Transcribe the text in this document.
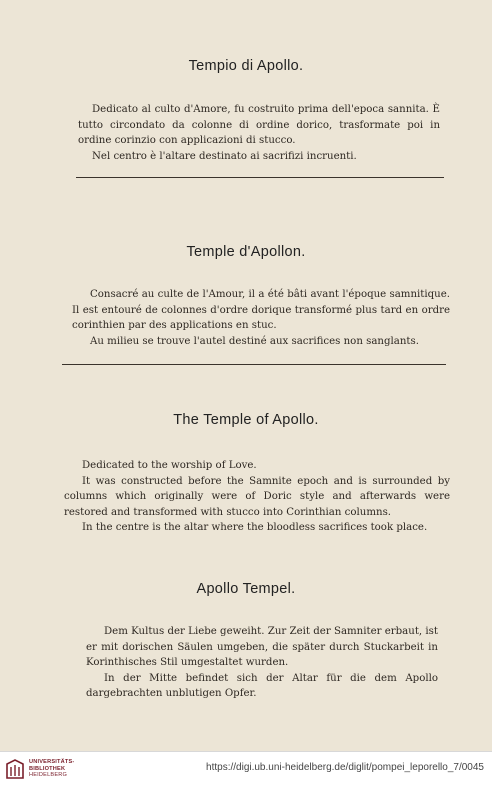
Tempio di Apollo.

Dedicato al culto d'Amore, fu costruito prima dell'epoca sannita. È tutto circondato da colonne di ordine dorico, trasformate poi in ordine corinzio con applicazioni di stucco.

Nel centro è l'altare destinato ai sacrifizi incruenti.

Temple d'Apollon.

Consacré au culte de l'Amour, il a été bâti avant l'époque samnitique. Il est entouré de colonnes d'ordre dorique transformé plus tard en ordre corinthien par des applications en stuc.

Au milieu se trouve l'autel destiné aux sacrifices non sanglants.

The Temple of Apollo.

Dedicated to the worship of Love.

It was constructed before the Samnite epoch and is surrounded by columns which originally were of Doric style and afterwards were restored and transformed with stucco into Corinthian columns.

In the centre is the altar where the bloodless sacrifices took place.

Apollo Tempel.

Dem Kultus der Liebe geweiht. Zur Zeit der Samniter erbaut, ist er mit dorischen Säulen umgeben, die später durch Stuckarbeit in Korinthisches Stil umgestaltet wurden.

In der Mitte befindet sich der Altar für die dem Apollo dargebrachten unblutigen Opfer.

UNIVERSITÄTS-
BIBLIOTHEK
HEIDELBERG
https://digi.ub.uni-heidelberg.de/diglit/pompei_leporello_7/0045
